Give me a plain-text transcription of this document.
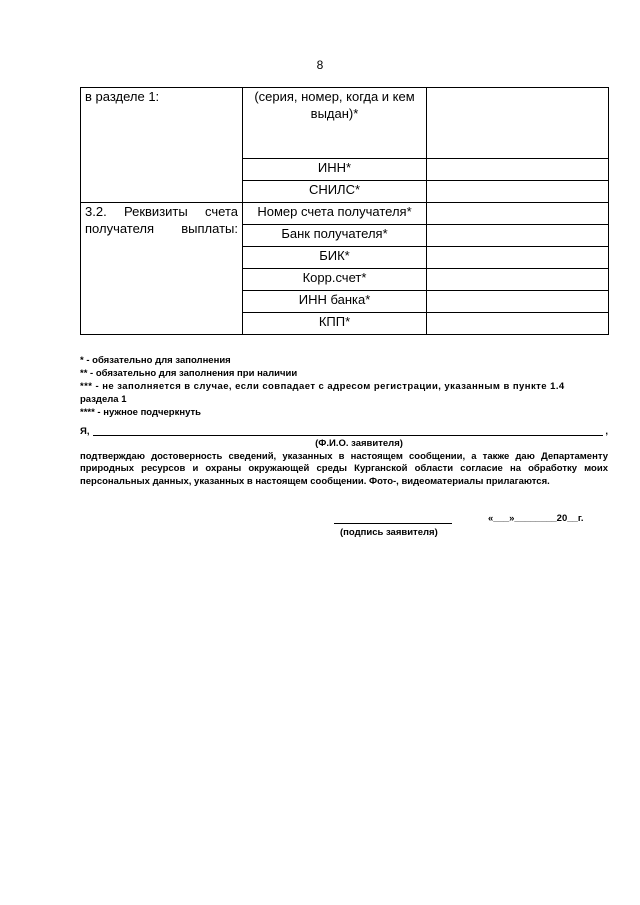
8
в разделе 1:	(серия, номер, когда и кем выдан)*	
	ИНН*	
	СНИЛС*	
3.2. Реквизиты счета получателя выплаты:	Номер счета получателя*	
	Банк получателя*	
	БИК*	
	Корр.счет*	
	ИНН банка*	
	КПП*	
* - обязательно для заполнения
** - обязательно для заполнения при наличии
*** - не заполняется в случае, если совпадает с адресом регистрации, указанным в пункте 1.4
раздела 1
**** - нужное подчеркнуть
Я,	,
(Ф.И.О. заявителя)
подтверждаю достоверность сведений, указанных в настоящем сообщении, а также даю Департаменту природных ресурсов и охраны окружающей среды Курганской области согласие на обработку моих персональных данных, указанных в настоящем сообщении. Фото-, видеоматериалы прилагаются.
(подпись заявителя)
«___»________20__г.
